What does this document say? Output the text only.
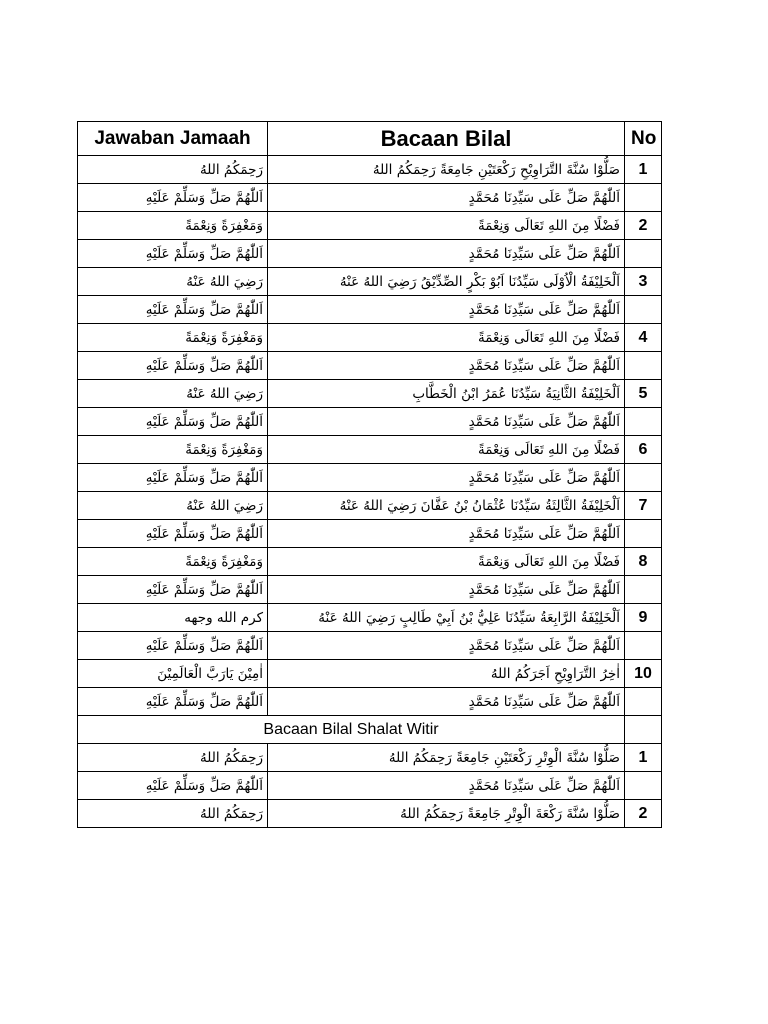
Jawaban Jamaah	Bacaan Bilal	No
رَحِمَكُمُ اللهُ	صَلُّوْا سُنَّةَ التَّرَاوِيْحِ رَكْعَتَيْنِ جَامِعَةً رَحِمَكُمُ اللهُ	1
اَللّٰهُمَّ صَلِّ وَسَلِّمْ عَلَيْهِ	اَللّٰهُمَّ صَلِّ عَلَى سَيِّدِنَا مُحَمَّدٍ	
وَمَغْفِرَةً وَنِعْمَةً	فَضْلًا مِنَ اللهِ تَعَالَى وَنِعْمَةً	2
اَللّٰهُمَّ صَلِّ وَسَلِّمْ عَلَيْهِ	اَللّٰهُمَّ صَلِّ عَلَى سَيِّدِنَا مُحَمَّدٍ	
رَضِيَ اللهُ عَنْهُ	اَلْخَلِيْفَةُ الْاُوْلَى سَيِّدُنَا اَبُوْ بَكْرٍ الصِّدِّيْقُ رَضِيَ اللهُ عَنْهُ	3
اَللّٰهُمَّ صَلِّ وَسَلِّمْ عَلَيْهِ	اَللّٰهُمَّ صَلِّ عَلَى سَيِّدِنَا مُحَمَّدٍ	
وَمَغْفِرَةً وَنِعْمَةً	فَضْلًا مِنَ اللهِ تَعَالَى وَنِعْمَةً	4
اَللّٰهُمَّ صَلِّ وَسَلِّمْ عَلَيْهِ	اَللّٰهُمَّ صَلِّ عَلَى سَيِّدِنَا مُحَمَّدٍ	
رَضِيَ اللهُ عَنْهُ	اَلْخَلِيْفَةُ الثَّانِيَةُ سَيِّدُنَا عُمَرُ ابْنُ الْخَطَّابِ	5
اَللّٰهُمَّ صَلِّ وَسَلِّمْ عَلَيْهِ	اَللّٰهُمَّ صَلِّ عَلَى سَيِّدِنَا مُحَمَّدٍ	
وَمَغْفِرَةً وَنِعْمَةً	فَضْلًا مِنَ اللهِ تَعَالَى وَنِعْمَةً	6
اَللّٰهُمَّ صَلِّ وَسَلِّمْ عَلَيْهِ	اَللّٰهُمَّ صَلِّ عَلَى سَيِّدِنَا مُحَمَّدٍ	
رَضِيَ اللهُ عَنْهُ	اَلْخَلِيْفَةُ الثَّالِثَةُ سَيِّدُنَا عُثْمَانُ بْنُ عَفَّانَ رَضِيَ اللهُ عَنْهُ	7
اَللّٰهُمَّ صَلِّ وَسَلِّمْ عَلَيْهِ	اَللّٰهُمَّ صَلِّ عَلَى سَيِّدِنَا مُحَمَّدٍ	
وَمَغْفِرَةً وَنِعْمَةً	فَضْلًا مِنَ اللهِ تَعَالَى وَنِعْمَةً	8
اَللّٰهُمَّ صَلِّ وَسَلِّمْ عَلَيْهِ	اَللّٰهُمَّ صَلِّ عَلَى سَيِّدِنَا مُحَمَّدٍ	
كرم الله وجهه	اَلْخَلِيْفَةُ الرَّابِعَةُ سَيِّدُنَا عَلِيُّ بْنُ اَبِيْ طَالِبٍ رَضِيَ اللهُ عَنْهُ	9
اَللّٰهُمَّ صَلِّ وَسَلِّمْ عَلَيْهِ	اَللّٰهُمَّ صَلِّ عَلَى سَيِّدِنَا مُحَمَّدٍ	
اٰمِيْنَ يَارَبَّ الْعَالَمِيْنَ	اٰخِرُ التَّرَاوِيْحِ اَجَرَكُمُ اللهُ	10
اَللّٰهُمَّ صَلِّ وَسَلِّمْ عَلَيْهِ	اَللّٰهُمَّ صَلِّ عَلَى سَيِّدِنَا مُحَمَّدٍ	
Bacaan Bilal Shalat Witir		
رَحِمَكُمُ اللهُ	صَلُّوْا سُنَّةَ الْوِتْرِ رَكْعَتَيْنِ جَامِعَةً رَحِمَكُمُ اللهُ	1
اَللّٰهُمَّ صَلِّ وَسَلِّمْ عَلَيْهِ	اَللّٰهُمَّ صَلِّ عَلَى سَيِّدِنَا مُحَمَّدٍ	
رَحِمَكُمُ اللهُ	صَلُّوْا سُنَّةَ رَكْعَةَ الْوِتْرِ جَامِعَةً رَحِمَكُمُ اللهُ	2
